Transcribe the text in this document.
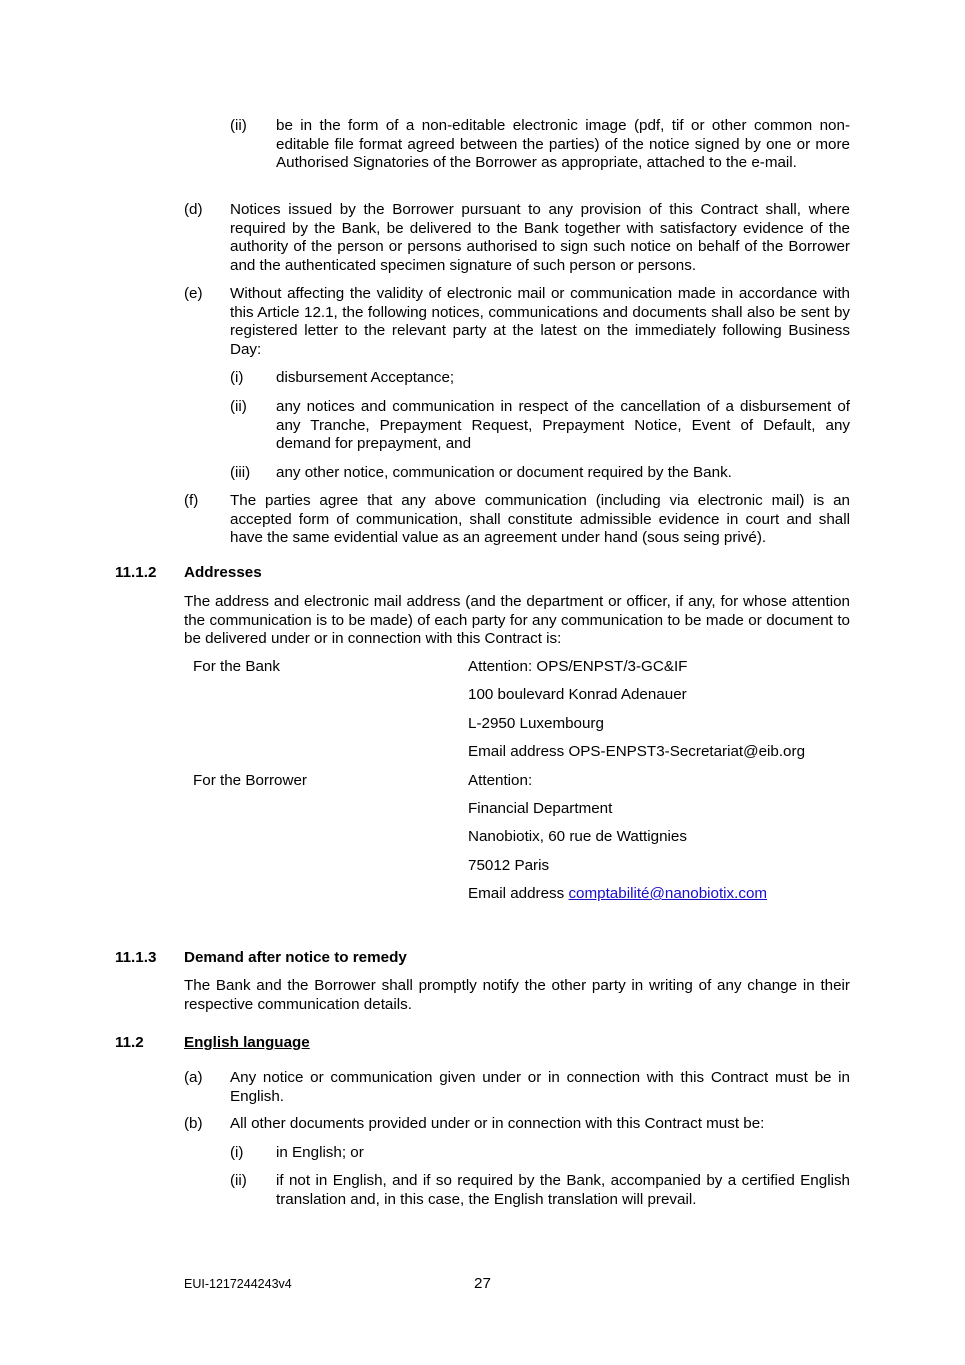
(ii) be in the form of a non-editable electronic image (pdf, tif or other common non-editable file format agreed between the parties) of the notice signed by one or more Authorised Signatories of the Borrower as appropriate, attached to the e-mail.
(d) Notices issued by the Borrower pursuant to any provision of this Contract shall, where required by the Bank, be delivered to the Bank together with satisfactory evidence of the authority of the person or persons authorised to sign such notice on behalf of the Borrower and the authenticated specimen signature of such person or persons.
(e) Without affecting the validity of electronic mail or communication made in accordance with this Article 12.1, the following notices, communications and documents shall also be sent by registered letter to the relevant party at the latest on the immediately following Business Day:
(i) disbursement Acceptance;
(ii) any notices and communication in respect of the cancellation of a disbursement of any Tranche, Prepayment Request, Prepayment Notice, Event of Default, any demand for prepayment, and
(iii) any other notice, communication or document required by the Bank.
(f) The parties agree that any above communication (including via electronic mail) is an accepted form of communication, shall constitute admissible evidence in court and shall have the same evidential value as an agreement under hand (sous seing privé).
11.1.2 Addresses
The address and electronic mail address (and the department or officer, if any, for whose attention the communication is to be made) of each party for any communication to be made or document to be delivered under or in connection with this Contract is:
For the Bank	Attention: OPS/ENPST/3-GC&IF
100 boulevard Konrad Adenauer
L-2950 Luxembourg
Email address OPS-ENPST3-Secretariat@eib.org
For the Borrower	Attention:
Financial Department
Nanobiotix, 60 rue de Wattignies
75012 Paris
Email address comptabilité@nanobiotix.com
11.1.3 Demand after notice to remedy
The Bank and the Borrower shall promptly notify the other party in writing of any change in their respective communication details.
11.2	English language
(a) Any notice or communication given under or in connection with this Contract must be in English.
(b) All other documents provided under or in connection with this Contract must be:
(i) in English; or
(ii) if not in English, and if so required by the Bank, accompanied by a certified English translation and, in this case, the English translation will prevail.
EUI-1217244243v4	27
